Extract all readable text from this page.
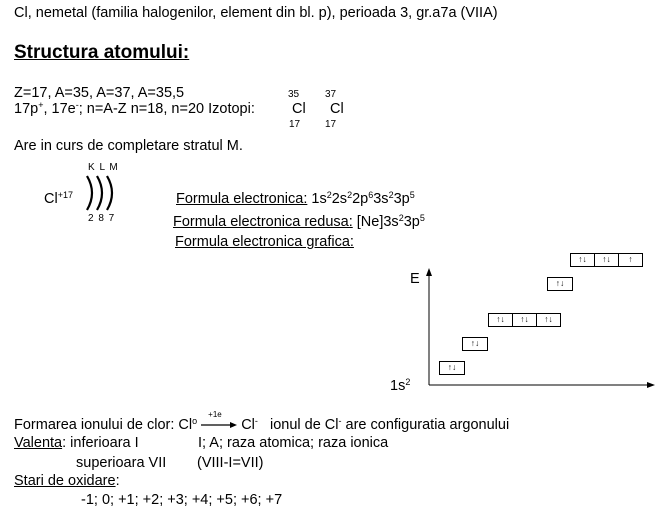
Cl, nemetal (familia halogenilor, element din bl. p), perioada 3, gr.a7a (VIIA)
Structura atomului:
Z=17, A=35, A=37, A=35,5
17p+, 17e-; n=A-Z n=18, n=20 Izotopi:
35
Cl
17
37
Cl
17
Are in curs de completare stratul M.
$Cl^{+17}$
K L M
2 8 7
Formula electronica: $1s^22s^22p^63s^23p^5$
Formula electronica redusa: $[Ne]3s^23p^5$
Formula electronica grafica:
E
$1s^2$
↑↓
↑↓
↑↓	↑↓	↑↓
↑↓
↑↓	↑↓	↑
Formarea ionului de clor: Cl$^o$
+1e
Cl-   ionul de Cl- are configuratia argonului
Valenta: inferioara I	I; A; raza atomica; raza ionica
superioara VII (VIII-I=VII)
Stari de oxidare:
-1; 0; +1; +2; +3; +4; +5; +6; +7
